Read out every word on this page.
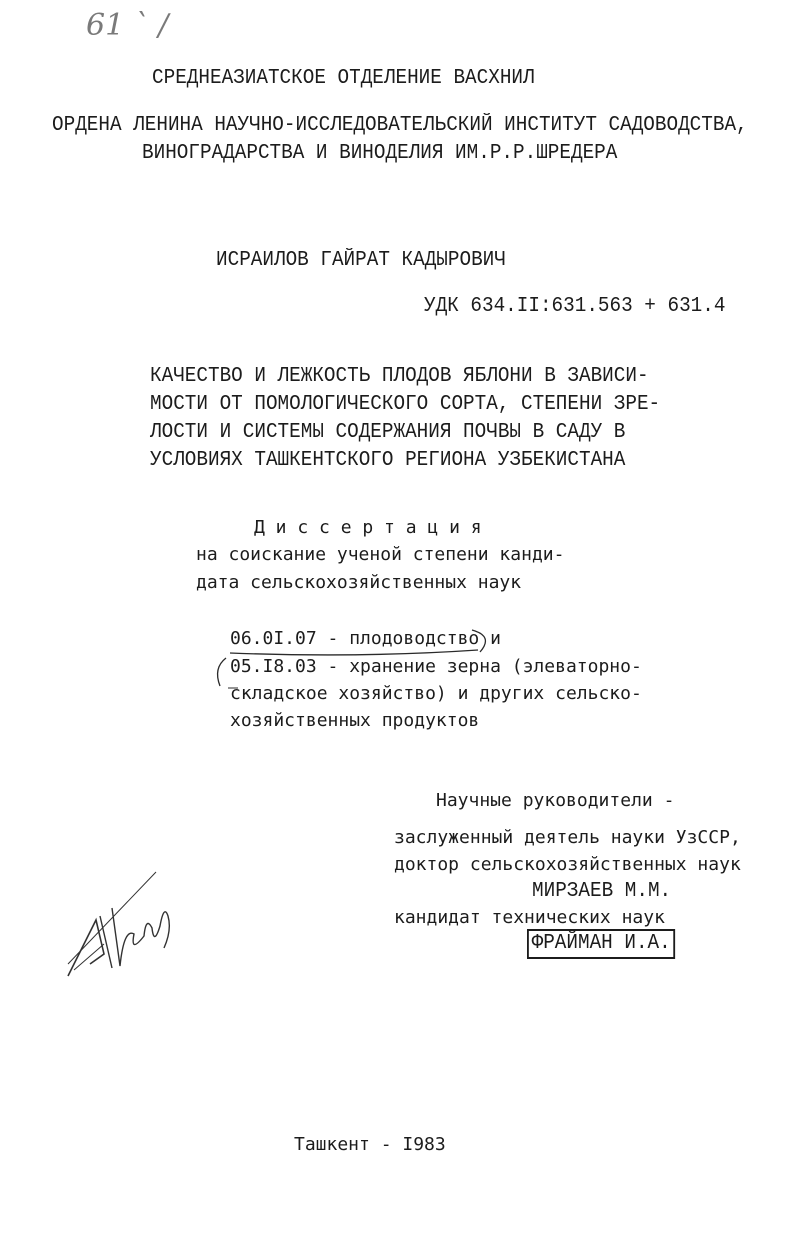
61 ` /
СРЕДНЕАЗИАТСКОЕ ОТДЕЛЕНИЕ ВАСХНИЛ
ОРДЕНА ЛЕНИНА НАУЧНО-ИССЛЕДОВАТЕЛЬСКИЙ ИНСТИТУТ САДОВОДСТВА,
ВИНОГРАДАРСТВА И ВИНОДЕЛИЯ ИМ.Р.Р.ШРЕДЕРА
ИСРАИЛОВ ГАЙРАТ КАДЫРОВИЧ
УДК 634.II:631.563 + 631.4
КАЧЕСТВО И ЛЕЖКОСТЬ ПЛОДОВ ЯБЛОНИ В ЗАВИСИ-
МОСТИ ОТ ПОМОЛОГИЧЕСКОГО СОРТА, СТЕПЕНИ ЗРЕ-
ЛОСТИ И СИСТЕМЫ СОДЕРЖАНИЯ ПОЧВЫ В САДУ В
УСЛОВИЯХ ТАШКЕНТСКОГО РЕГИОНА УЗБЕКИСТАНА
Д и с с е р т а ц и я
на соискание ученой степени канди-
дата сельскохозяйственных наук
06.0I.07 - плодоводство и
05.I8.03 - хранение зерна (элеваторно-
складское хозяйство) и других сельско-
хозяйственных продуктов
Научные руководители -
заслуженный деятель науки УзССР,
доктор сельскохозяйственных наук
МИРЗАЕВ М.М.
кандидат технических наук
ФРАЙМАН И.А.
Ташкент - I983
